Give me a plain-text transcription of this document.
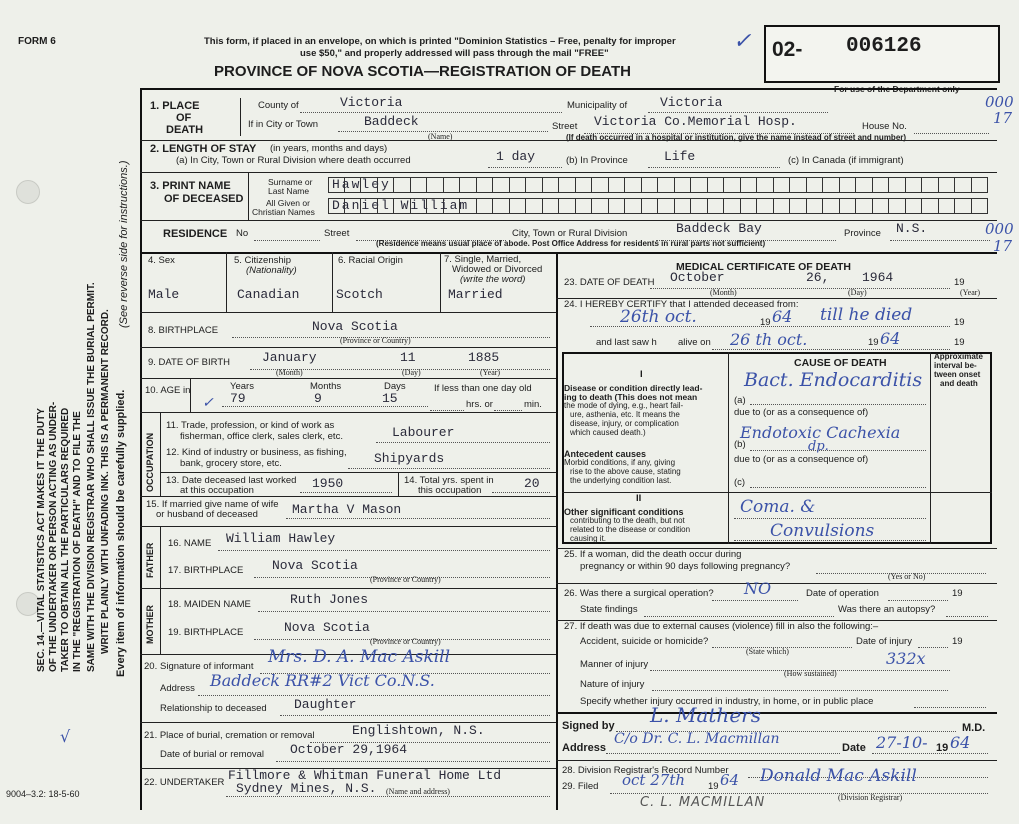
FORM 6
SEC. 14.—VITAL STATISTICS ACT MAKES IT THE DUTY OF THE UNDERTAKER OR PERSON ACTING AS UNDER- TAKER TO OBTAIN ALL THE PARTICULARS REQUIRED IN THE "REGISTRATION OF DEATH" AND TO FILE THE SAME WITH THE DIVISION REGISTRAR WHO SHALL ISSUE THE BURIAL PERMIT. WRITE PLAINLY WITH UNFADING INK. THIS IS A PERMANENT RECORD. Every item of information should be carefully supplied.
(See reverse side for instructions.)
9004–3.2: 18-5-60
√
This form, if placed in an envelope, on which is printed "Dominion Statistics – Free, penalty for improper
use $50," and properly addressed will pass through the mail "FREE"
PROVINCE OF NOVA SCOTIA—REGISTRATION OF DEATH
✓ 02- 006126
For use of the Department only
000
17
000
17
1. PLACE
OF
DEATH
County of	Victoria	Municipality of	Victoria
If in City or Town	Baddeck
(Name)
Street Victoria Co.Memorial Hosp.	House No.
(If death occurred in a hospital or institution, give the name instead of street and number)
2. LENGTH OF STAY (in years, months and days)
(a) In City, Town or Rural Division where death occurred	1 day	(b) In Province	Life	(c) In Canada (if immigrant)
3. PRINT NAME
OF DECEASED
Surname or
Last Name
All Given or
Christian Names
Hawley
Daniel William
RESIDENCE No	Street	City, Town or Rural Division	Baddeck Bay	Province N.S.
(Residence means usual place of abode. Post Office Address for residents in rural parts not sufficient)
4. Sex
Male
5. Citizenship
(Nationality)
Canadian
6. Racial Origin
Scotch
7. Single, Married,
Widowed or Divorced
(write the word)
Married
8. BIRTHPLACE	Nova Scotia
(Province or Country)
9. DATE OF BIRTH January	11	1885
(Month)	(Day)	(Year)
10. AGE in
✓
Years	Months	Days
79	9	15
If less than one day old
hrs. or	min.
OCCUPATION
11. Trade, profession, or kind of work as
fisherman, office clerk, sales clerk, etc.	Labourer
12. Kind of industry or business, as fishing,
bank, grocery store, etc.	Shipyards
13. Date deceased last worked
at this occupation	1950	14. Total yrs. spent in
this occupation	20
15. If married give name of wife
or husband of deceased	Martha V Mason
FATHER 16. NAME William Hawley
17. BIRTHPLACE Nova Scotia
(Province or Country)
MOTHER
18. MAIDEN NAME	Ruth Jones
19. BIRTHPLACE	Nova Scotia
(Province or Country)
20. Signature of informant Mrs. D. A. Mac Askill
Address Baddeck RR#2 Vict Co.N.S.
Relationship to deceased Daughter
21. Place of burial, cremation or removal	Englishtown, N.S.
Date of burial or removal October 29,1964
22. UNDERTAKER Fillmore & Whitman Funeral Home Ltd
Sydney Mines, N.S. (Name and address)
MEDICAL CERTIFICATE OF DEATH
23. DATE OF DEATH October	26,	1964	19
(Month)	(Day)	(Year)
24. I HEREBY CERTIFY that I attended deceased from:
26th oct.	19 64 till he died	19
and last saw h alive on 26 th oct.	19 64	19
CAUSE OF DEATH
Approximate
interval be-
tween onset
and death
I
Disease or condition directly lead-
ing to death (This does not mean
the mode of dying, e.g., heart fail-
ure, asthenia, etc. It means the
disease, injury, or complication
which caused death.)
(a)
Bact. Endocarditis
due to (or as a consequence of)
(b)
Endotoxic Cachexia
dp.
due to (or as a consequence of)
Antecedent causes
Morbid conditions, if any, giving
rise to the above cause, stating
the underlying condition last.	(c)
II
Other significant conditions
contributing to the death, but not
related to the disease or condition
causing it.
Coma. &
Convulsions
25. If a woman, did the death occur during
pregnancy or within 90 days following pregnancy?
(Yes or No)
26. Was there a surgical operation? NO	Date of operation	19
State findings	Was there an autopsy?
27. If death was due to external causes (violence) fill in also the following:–
Accident, suicide or homicide?	Date of injury	19
(State which)
Manner of injury	332x
(How sustained)
Nature of injury
Specify whether injury occurred in industry, in home, or in public place
Signed by L. Mathers
M.D.
Address
C/o Dr. C. L. Macmillan
Date 27-10- 19 64
28. Division Registrar's Record Number
29. Filed oct 27th 19 64 Donald Mac Askill
(Division Registrar)
C. L. MACMILLAN
